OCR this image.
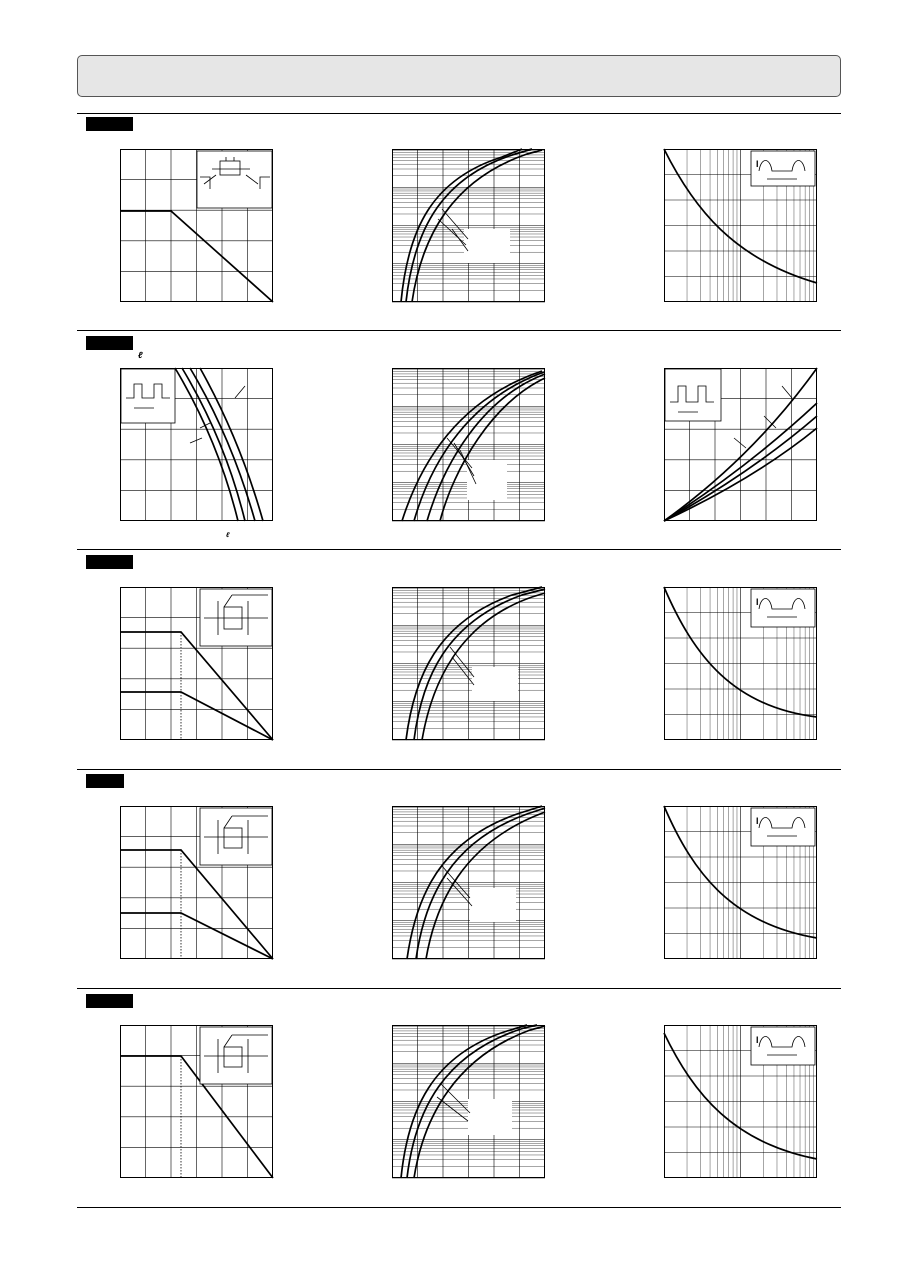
ℓ
ℓ
I
I
I
I
